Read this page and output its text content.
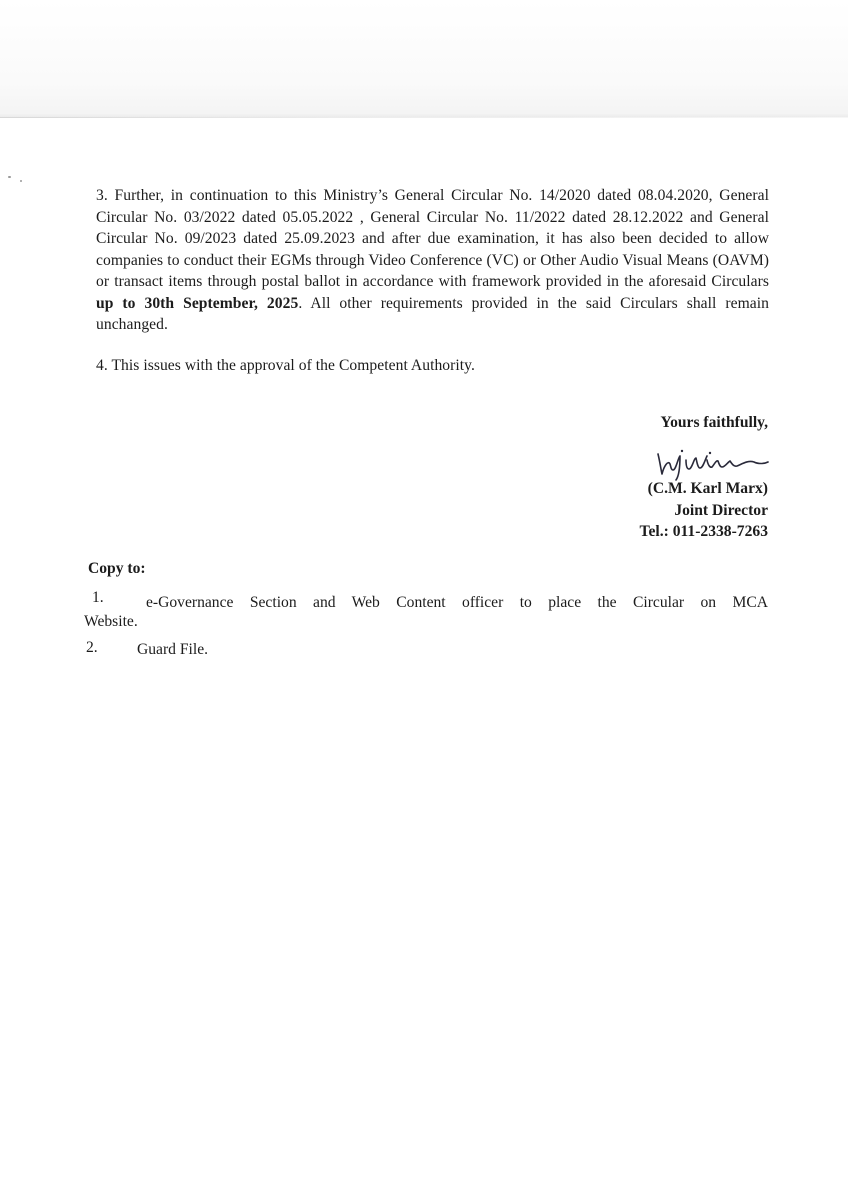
3. Further, in continuation to this Ministry’s General Circular No. 14/2020 dated 08.04.2020, General Circular No. 03/2022 dated 05.05.2022 , General Circular No. 11/2022 dated 28.12.2022 and General Circular No. 09/2023 dated 25.09.2023 and after due examination, it has also been decided to allow companies to conduct their EGMs through Video Conference (VC) or Other Audio Visual Means (OAVM) or transact items through postal ballot in accordance with framework provided in the aforesaid Circulars up to 30th September, 2025. All other requirements provided in the said Circulars shall remain unchanged.

4. This issues with the approval of the Competent Authority.

Yours faithfully,

(C.M. Karl Marx)
Joint Director
Tel.: 011-2338-7263

Copy to:

1.	e-Governance Section and Web Content officer to place the Circular on MCA
Website.

2.	Guard File.
